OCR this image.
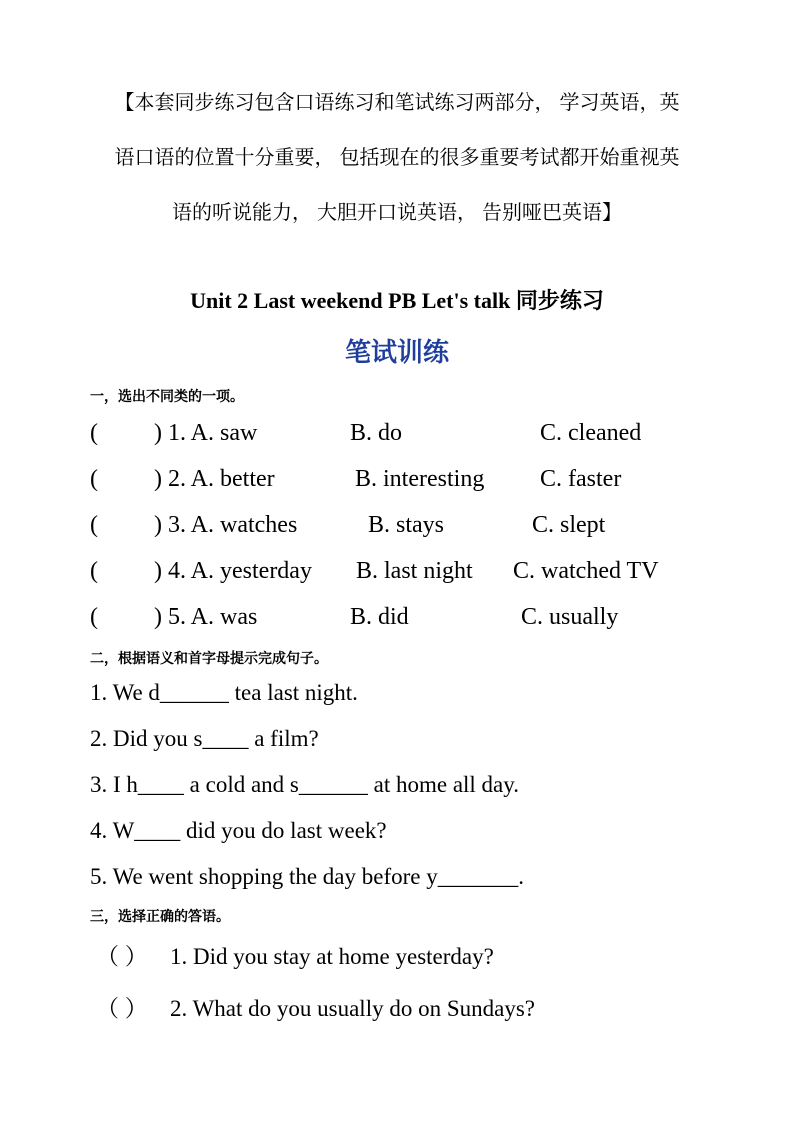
【本套同步练习包含口语练习和笔试练习两部分， 学习英语，英
语口语的位置十分重要， 包括现在的很多重要考试都开始重视英
语的听说能力， 大胆开口说英语， 告别哑巴英语】
Unit 2 Last weekend PB Let's talk 同步练习
笔试训练
一，选出不同类的一项。
( ) 1. A. saw	B. do	C. cleaned
( ) 2. A. better	B. interesting C. faster
( ) 3. A. watches	B. stays	C. slept
( ) 4. A. yesterday B. last night C. watched TV
( ) 5. A. was	B. did	C. usually
二，根据语义和首字母提示完成句子。
1. We d______ tea last night.
2. Did you s____ a film?
3. I h____ a cold and s______ at home all day.
4. W____ did you do last week?
5. We went shopping the day before y_______.
三，选择正确的答语。
（ ） 1. Did you stay at home yesterday?
（ ） 2. What do you usually do on Sundays?
